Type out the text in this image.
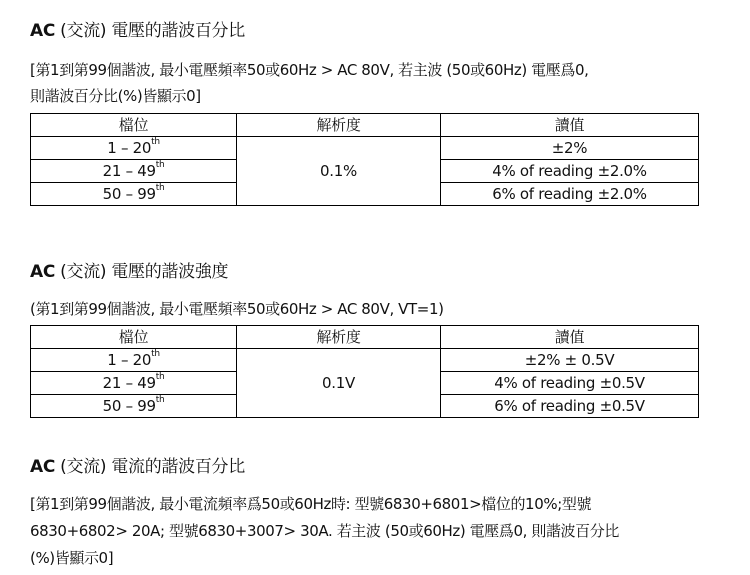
AC (交流) 電壓的諧波百分比
[第1到第99個諧波, 最小電壓頻率50或60Hz > AC 80V, 若主波 (50或60Hz) 電壓爲0,
則諧波百分比(%)皆顯示0]
檔位	解析度	讀值
1 – 20th	0.1%	±2%
21 – 49th		4% of reading ±2.0%
50 – 99th		6% of reading ±2.0%
AC (交流) 電壓的諧波強度
(第1到第99個諧波, 最小電壓頻率50或60Hz > AC 80V, VT=1)
檔位	解析度	讀值
1 – 20th	0.1V	±2% ± 0.5V
21 – 49th		4% of reading ±0.5V
50 – 99th		6% of reading ±0.5V
AC (交流) 電流的諧波百分比
[第1到第99個諧波, 最小電流頻率爲50或60Hz時: 型號6830+6801>檔位的10%;型號
6830+6802> 20A; 型號6830+3007> 30A. 若主波 (50或60Hz) 電壓爲0, 則諧波百分比
(%)皆顯示0]
